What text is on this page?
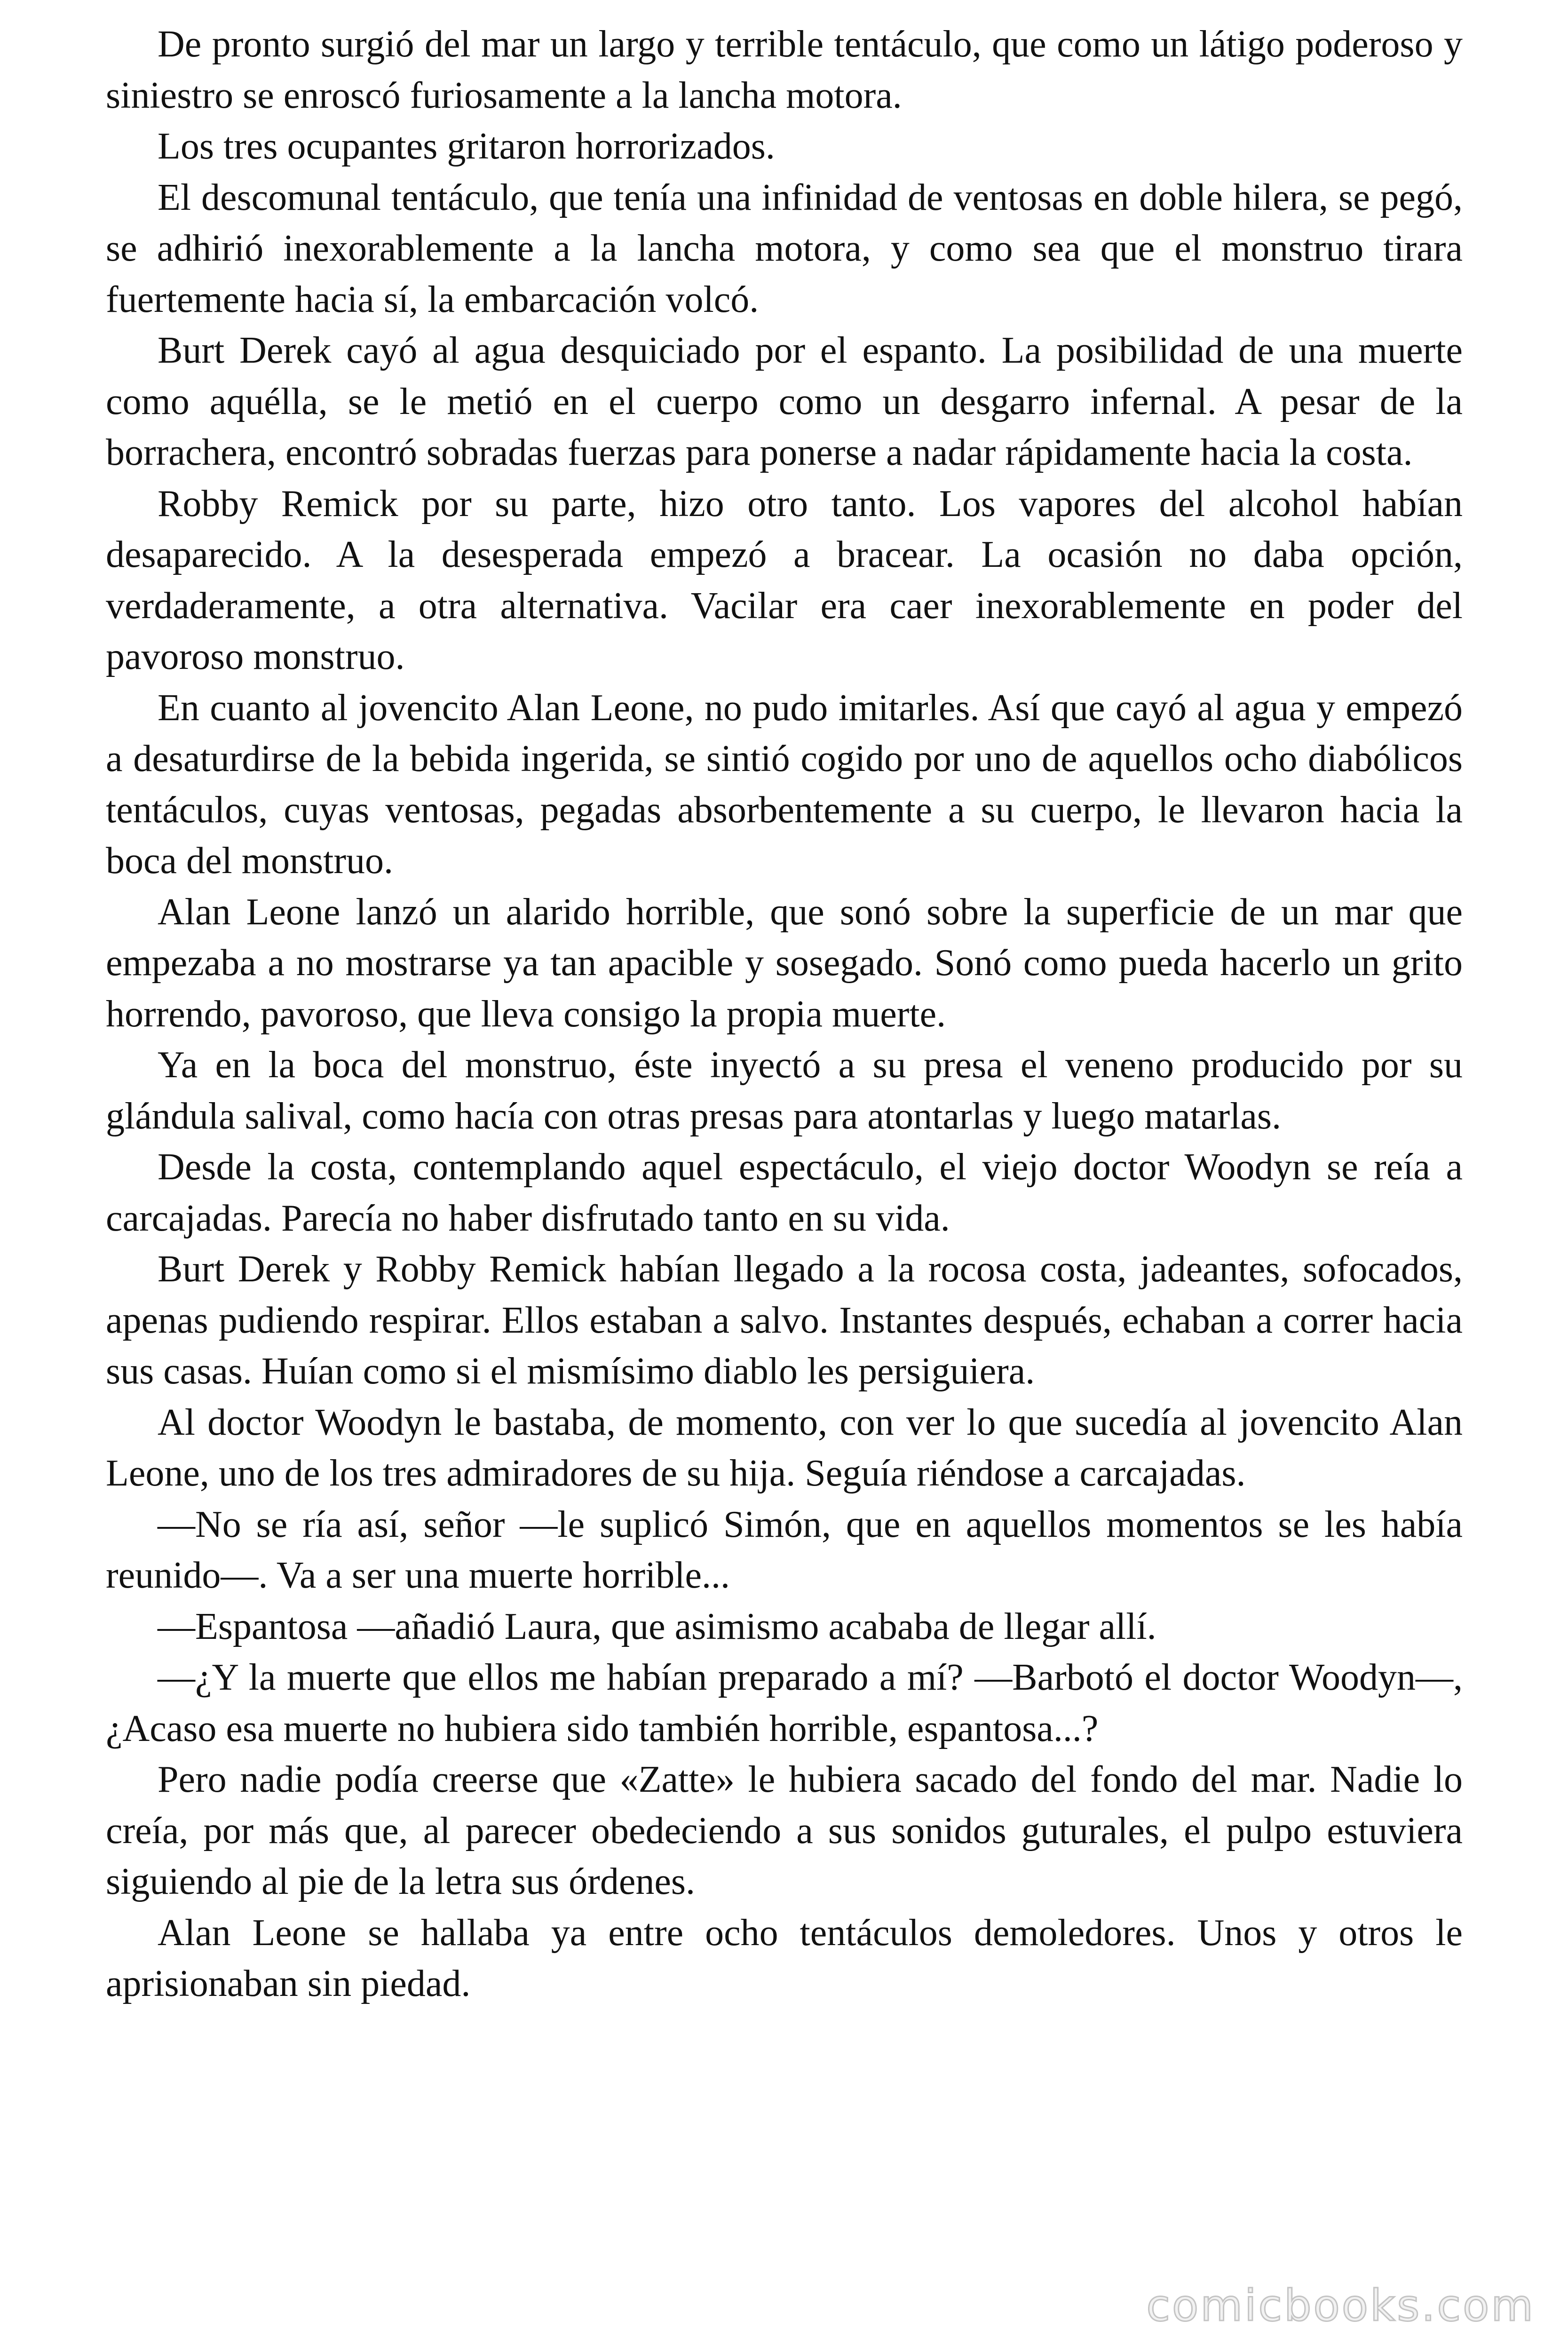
De pronto surgió del mar un largo y terrible tentáculo, que como un látigo poderoso y siniestro se enroscó furiosamente a la lancha motora.

Los tres ocupantes gritaron horrorizados.

El descomunal tentáculo, que tenía una infinidad de ventosas en doble hilera, se pegó, se adhirió inexorablemente a la lancha motora, y como sea que el monstruo tirara fuertemente hacia sí, la embarcación volcó.

Burt Derek cayó al agua desquiciado por el espanto. La posibilidad de una muerte como aquélla, se le metió en el cuerpo como un desgarro infernal. A pesar de la borrachera, encontró sobradas fuerzas para ponerse a nadar rápidamente hacia la costa.

Robby Remick por su parte, hizo otro tanto. Los vapores del alcohol habían desaparecido. A la desesperada empezó a bracear. La ocasión no daba opción, verdaderamente, a otra alternativa. Vacilar era caer inexorablemente en poder del pavoroso monstruo.

En cuanto al jovencito Alan Leone, no pudo imitarles. Así que cayó al agua y empezó a desaturdirse de la bebida ingerida, se sintió cogido por uno de aquellos ocho diabólicos tentáculos, cuyas ventosas, pegadas absorbentemente a su cuerpo, le llevaron hacia la boca del monstruo.

Alan Leone lanzó un alarido horrible, que sonó sobre la superficie de un mar que empezaba a no mostrarse ya tan apacible y sosegado. Sonó como pueda hacerlo un grito horrendo, pavoroso, que lleva consigo la propia muerte.

Ya en la boca del monstruo, éste inyectó a su presa el veneno producido por su glándula salival, como hacía con otras presas para atontarlas y luego matarlas.

Desde la costa, contemplando aquel espectáculo, el viejo doctor Woodyn se reía a carcajadas. Parecía no haber disfrutado tanto en su vida.

Burt Derek y Robby Remick habían llegado a la rocosa costa, jadeantes, sofocados, apenas pudiendo respirar. Ellos estaban a salvo. Instantes después, echaban a correr hacia sus casas. Huían como si el mismísimo diablo les persiguiera.

Al doctor Woodyn le bastaba, de momento, con ver lo que sucedía al jovencito Alan Leone, uno de los tres admiradores de su hija. Seguía riéndose a carcajadas.

—No se ría así, señor —le suplicó Simón, que en aquellos momentos se les había reunido—. Va a ser una muerte horrible...

—Espantosa —añadió Laura, que asimismo acababa de llegar allí.

—¿Y la muerte que ellos me habían preparado a mí? —Barbotó el doctor Woodyn—, ¿Acaso esa muerte no hubiera sido también horrible, espantosa...?

Pero nadie podía creerse que «Zatte» le hubiera sacado del fondo del mar. Nadie lo creía, por más que, al parecer obedeciendo a sus sonidos guturales, el pulpo estuviera siguiendo al pie de la letra sus órdenes.

Alan Leone se hallaba ya entre ocho tentáculos demoledores. Unos y otros le aprisionaban sin piedad.

comicbooks.com
